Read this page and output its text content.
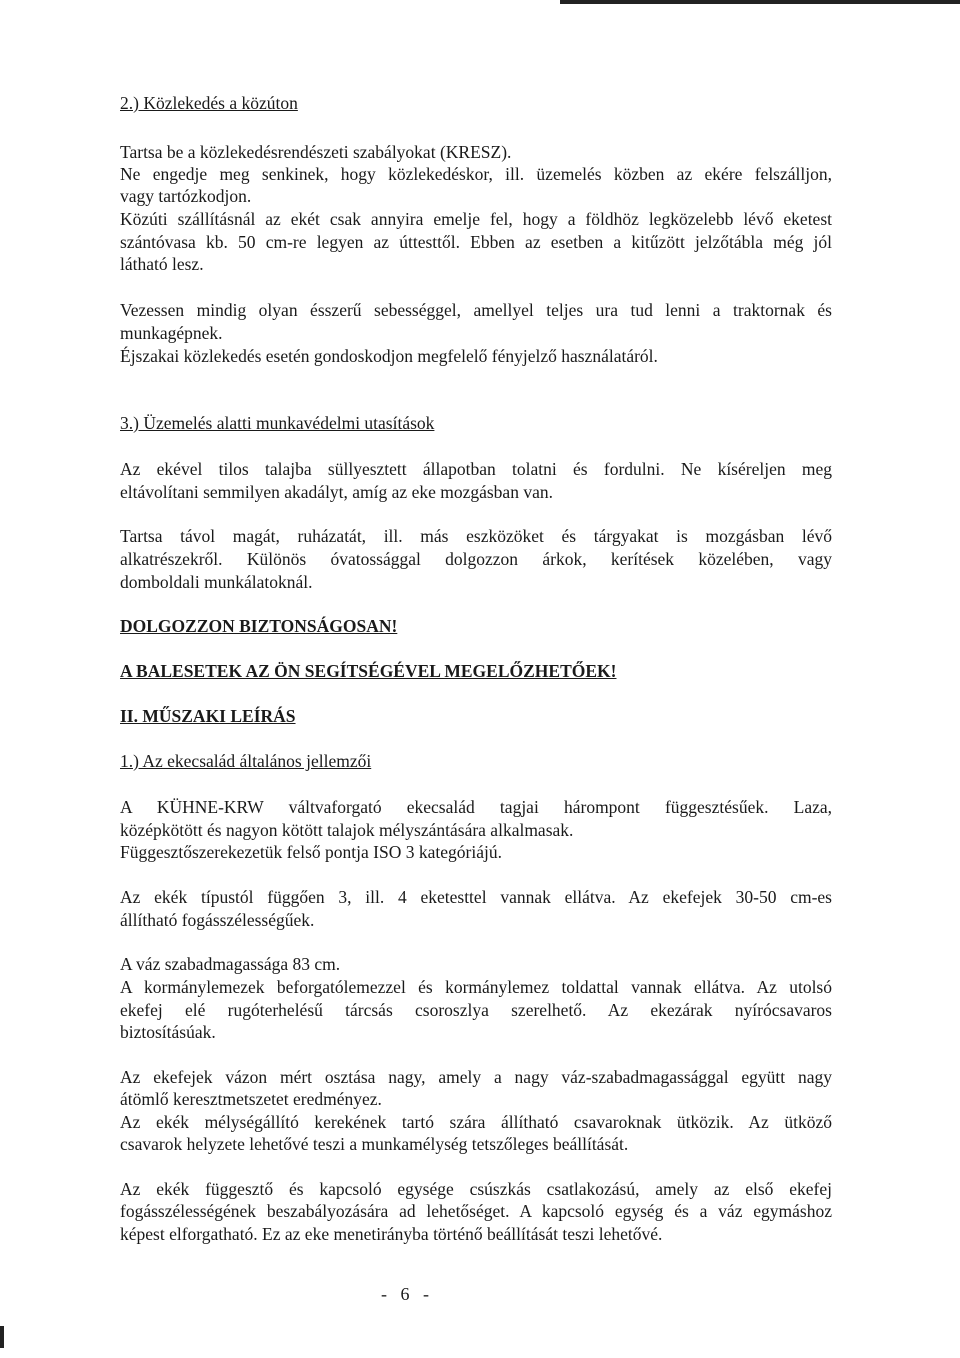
2.) Közlekedés a közúton

Tartsa be a közlekedésrendészeti szabályokat (KRESZ).

Ne engedje meg senkinek, hogy közlekedéskor, ill. üzemelés közben az ekére felszálljon,

vagy tartózkodjon.

Közúti szállításnál az ekét csak annyira emelje fel, hogy a földhöz legközelebb lévő eketest

szántóvasa kb. 50 cm-re legyen az úttesttől. Ebben az esetben a kitűzött jelzőtábla még jól

látható lesz.

Vezessen mindig olyan ésszerű sebességgel, amellyel teljes ura tud lenni a traktornak és

munkagépnek.

Éjszakai közlekedés esetén gondoskodjon megfelelő fényjelző használatáról.

3.) Üzemelés alatti munkavédelmi utasítások

Az ekével tilos talajba süllyesztett állapotban tolatni és fordulni. Ne kíséreljen meg

eltávolítani semmilyen akadályt, amíg az eke mozgásban van.

Tartsa távol magát, ruházatát, ill. más eszközöket és tárgyakat is mozgásban lévő

alkatrészekről. Különös óvatossággal dolgozzon árkok, kerítések közelében, vagy

domboldali munkálatoknál.

DOLGOZZON BIZTONSÁGOSAN!

A BALESETEK AZ ÖN SEGÍTSÉGÉVEL MEGELŐZHETŐEK!

II. MŰSZAKI LEÍRÁS

1.) Az ekecsalád általános jellemzői

A KÜHNE-KRW váltvaforgató ekecsalád tagjai hárompont függesztésűek. Laza,

középkötött és nagyon kötött talajok mélyszántására alkalmasak.

Függesztőszerekezetük felső pontja ISO 3 kategóriájú.

Az ekék típustól függően 3, ill. 4 eketesttel vannak ellátva. Az ekefejek 30-50 cm-es

állítható fogásszélességűek.

A váz szabadmagassága 83 cm.

A kormánylemezek beforgatólemezzel és kormánylemez toldattal vannak ellátva. Az utolsó

ekefej elé rugóterhelésű tárcsás csoroszlya szerelhető. Az ekezárak nyírócsavaros

biztosításúak.

Az ekefejek vázon mért osztása nagy, amely a nagy váz-szabadmagassággal együtt nagy

átömlő keresztmetszetet eredményez.

Az ekék mélységállító kerekének tartó szára állítható csavaroknak ütközik. Az ütköző

csavarok helyzete lehetővé teszi a munkamélység tetszőleges beállítását.

Az ekék függesztő és kapcsoló egysége csúszkás csatlakozású, amely az első ekefej

fogásszélességének beszabályozására ad lehetőséget. A kapcsoló egység és a váz egymáshoz

képest elforgatható. Ez az eke menetirányba történő beállítását teszi lehetővé.

-   6   -
